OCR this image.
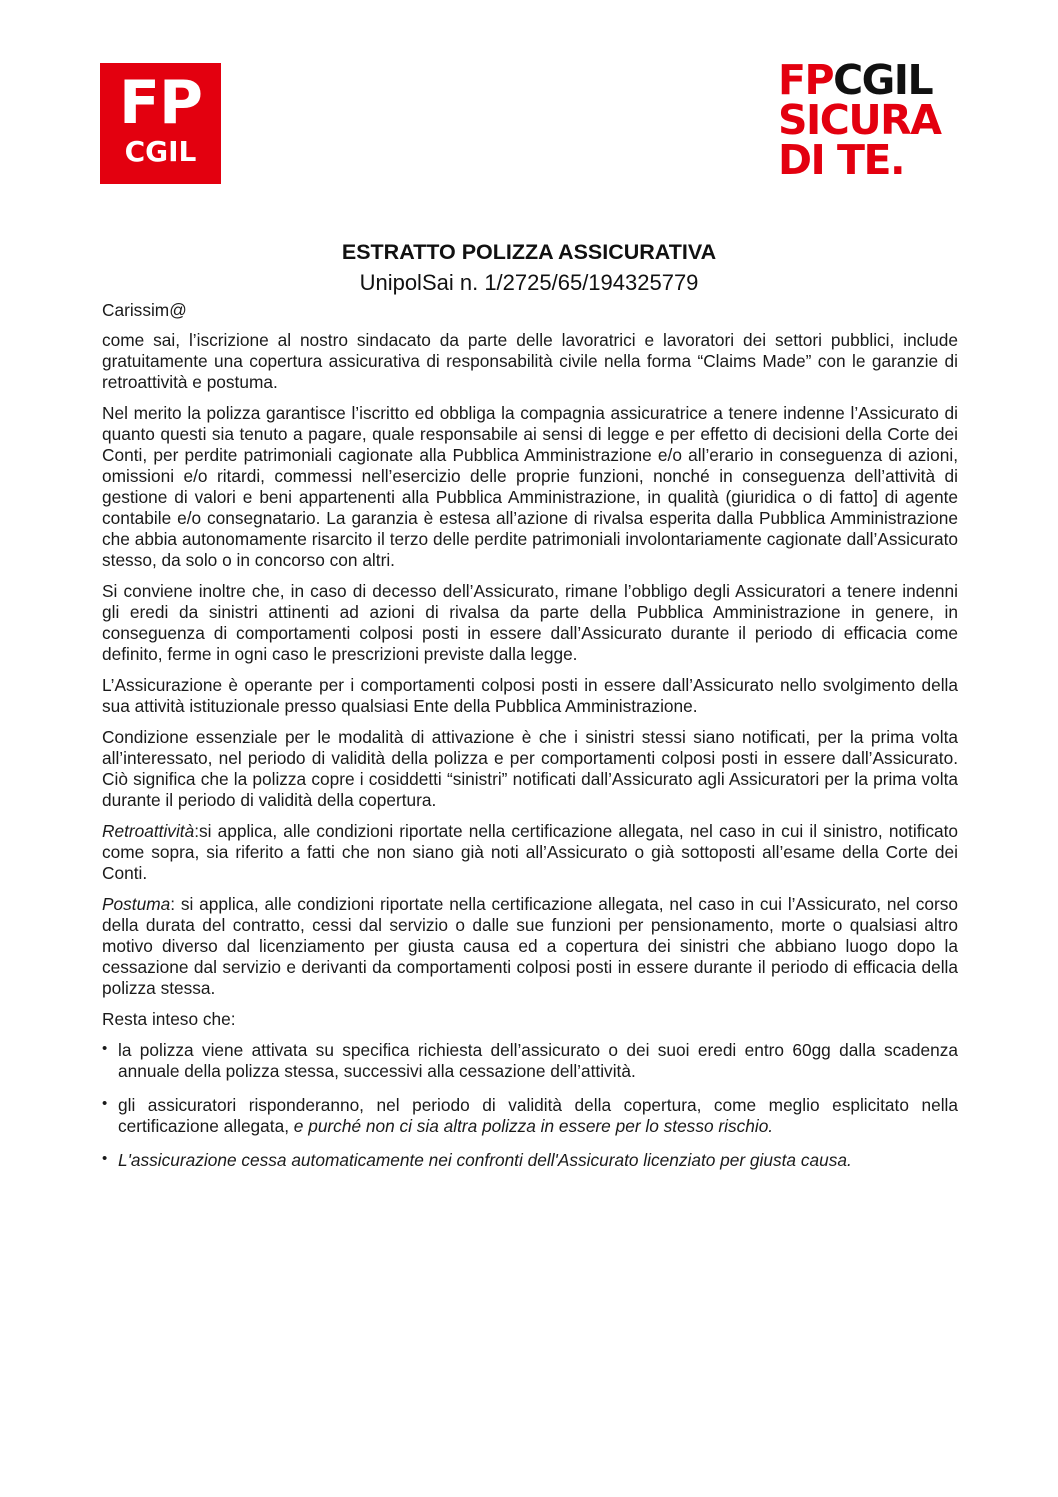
FP
CGIL
FPCGIL
SICURA
DI TE.
ESTRATTO POLIZZA ASSICURATIVA
UnipolSai n. 1/2725/65/194325779
Carissim@

come sai, l’iscrizione al nostro sindacato da parte delle lavoratrici e lavoratori dei settori pubblici, include gratuitamente una copertura assicurativa di responsabilità civile nella forma “Claims Made” con le garanzie di retroattività e postuma.

Nel merito la polizza garantisce l’iscritto ed obbliga la compagnia assicuratrice a tenere indenne l’Assicurato di quanto questi sia tenuto a pagare, quale responsabile ai sensi di legge e per effetto di decisioni della Corte dei Conti, per perdite patrimoniali cagionate alla Pubblica Amministrazione e/o all’erario in conseguenza di azioni, omissioni e/o ritardi, commessi nell’esercizio delle proprie funzioni, nonché in conseguenza dell’attività di gestione di valori e beni appartenenti alla Pubblica Amministrazione, in qualità (giuridica o di fatto] di agente contabile e/o consegnatario. La garanzia è estesa all’azione di rivalsa esperita dalla Pubblica Amministrazione che abbia autonomamente risarcito il terzo delle perdite patrimoniali involontariamente cagionate dall’Assicurato stesso, da solo o in concorso con altri.

Si conviene inoltre che, in caso di decesso dell’Assicurato, rimane l’obbligo degli Assicuratori a tenere indenni gli eredi da sinistri attinenti ad azioni di rivalsa da parte della Pubblica Amministrazione in genere, in conseguenza di comportamenti colposi posti in essere dall’Assicurato durante il periodo di efficacia come definito, ferme in ogni caso le prescrizioni previste dalla legge.

L’Assicurazione è operante per i comportamenti colposi posti in essere dall’Assicurato nello svolgimento della sua attività istituzionale presso qualsiasi Ente della Pubblica Amministrazione.

Condizione essenziale per le modalità di attivazione è che i sinistri stessi siano notificati, per la prima volta all’interessato, nel periodo di validità della polizza e per comportamenti colposi posti in essere dall’Assicurato. Ciò significa che la polizza copre i cosiddetti “sinistri” notificati dall’Assicurato agli Assicuratori per la prima volta durante il periodo di validità della copertura.

Retroattività:si applica, alle condizioni riportate nella certificazione allegata, nel caso in cui il sinistro, notificato come sopra, sia riferito a fatti che non siano già noti all’Assicurato o già sottoposti all’esame della Corte dei Conti.

Postuma: si applica, alle condizioni riportate nella certificazione allegata, nel caso in cui l’Assicurato, nel corso della durata del contratto, cessi dal servizio o dalle sue funzioni per pensionamento, morte o qualsiasi altro motivo diverso dal licenziamento per giusta causa ed a copertura dei sinistri che abbiano luogo dopo la cessazione dal servizio e derivanti da comportamenti colposi posti in essere durante il periodo di efficacia della polizza stessa.

Resta inteso che:

• la polizza viene attivata su specifica richiesta dell’assicurato o dei suoi eredi entro 60gg dalla scadenza annuale della polizza stessa, successivi alla cessazione dell’attività.
• gli assicuratori risponderanno, nel periodo di validità della copertura, come meglio esplicitato nella certificazione allegata, e purché non ci sia altra polizza in essere per lo stesso rischio.
• L'assicurazione cessa automaticamente nei confronti dell'Assicurato licenziato per giusta causa.
